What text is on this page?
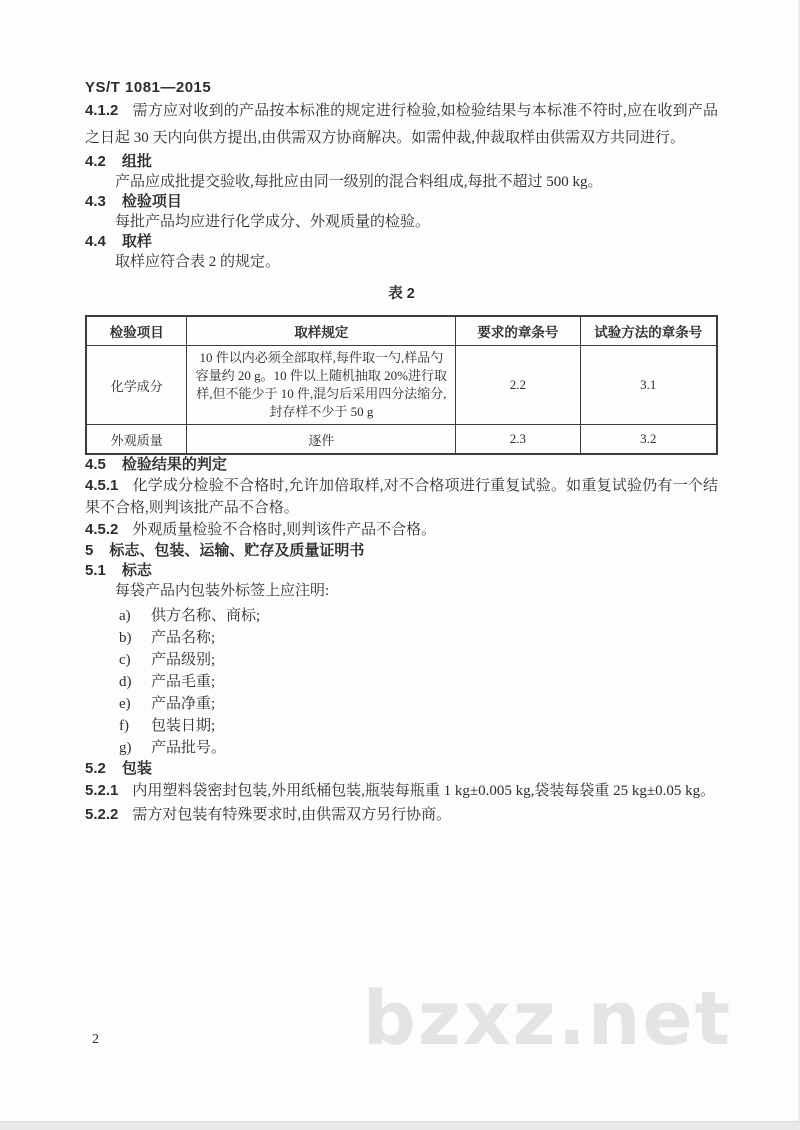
YS/T 1081—2015

4.1.2 需方应对收到的产品按本标准的规定进行检验,如检验结果与本标准不符时,应在收到产品之日起 30 天内向供方提出,由供需双方协商解决。如需仲裁,仲裁取样由供需双方共同进行。

4.2 组批

产品应成批提交验收,每批应由同一级别的混合料组成,每批不超过 500 kg。

4.3 检验项目

每批产品均应进行化学成分、外观质量的检验。

4.4 取样

取样应符合表 2 的规定。

表 2
检验项目	取样规定	要求的章条号	试验方法的章条号
化学成分	10 件以内必须全部取样,每件取一勺,样品勺容量约 20 g。10 件以上随机抽取 20%进行取样,但不能少于 10 件,混匀后采用四分法缩分,封存样不少于 50 g	2.2	3.1
外观质量	逐件	2.3	3.2
4.5 检验结果的判定

4.5.1 化学成分检验不合格时,允许加倍取样,对不合格项进行重复试验。如重复试验仍有一个结果不合格,则判该批产品不合格。

4.5.2 外观质量检验不合格时,则判该件产品不合格。

5 标志、包装、运输、贮存及质量证明书
5.1 标志

每袋产品内包装外标签上应注明:

a) 供方名称、商标;
b) 产品名称;
c) 产品级别;
d) 产品毛重;
e) 产品净重;
f) 包装日期;
g) 产品批号。
5.2 包装

5.2.1 内用塑料袋密封包装,外用纸桶包装,瓶装每瓶重 1 kg±0.005 kg,袋装每袋重 25 kg±0.05 kg。

5.2.2 需方对包装有特殊要求时,由供需双方另行协商。

bzxz.net
2
